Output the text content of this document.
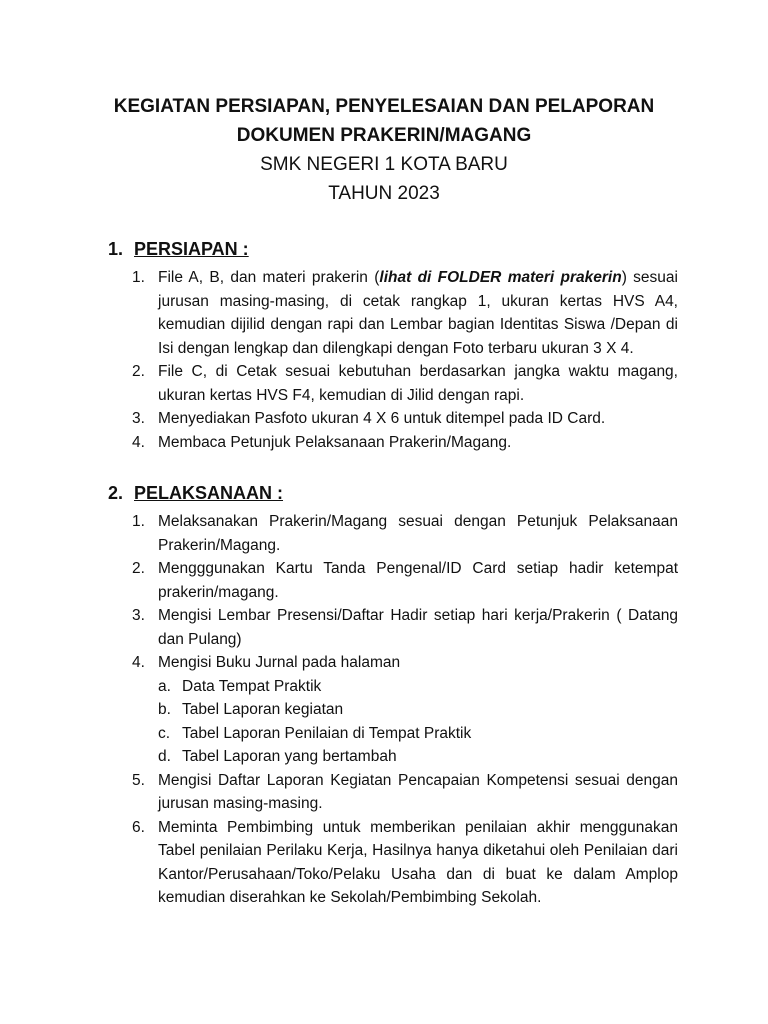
KEGIATAN PERSIAPAN, PENYELESAIAN DAN PELAPORAN
DOKUMEN PRAKERIN/MAGANG
SMK NEGERI 1 KOTA BARU
TAHUN 2023
1. PERSIAPAN :
1. File A, B, dan materi prakerin (lihat di FOLDER materi prakerin) sesuai jurusan masing-masing, di cetak rangkap 1, ukuran kertas HVS A4, kemudian dijilid dengan rapi dan Lembar bagian Identitas Siswa /Depan di Isi dengan lengkap dan dilengkapi dengan Foto terbaru ukuran 3 X 4.
2. File C, di Cetak sesuai kebutuhan berdasarkan jangka waktu magang, ukuran kertas HVS F4, kemudian di Jilid dengan rapi.
3. Menyediakan Pasfoto ukuran 4 X 6 untuk ditempel pada ID Card.
4. Membaca Petunjuk Pelaksanaan Prakerin/Magang.
2. PELAKSANAAN :
1. Melaksanakan Prakerin/Magang sesuai dengan Petunjuk Pelaksanaan Prakerin/Magang.
2. Mengggunakan Kartu Tanda Pengenal/ID Card setiap hadir ketempat prakerin/magang.
3. Mengisi Lembar Presensi/Daftar Hadir setiap hari kerja/Prakerin ( Datang dan Pulang)
4. Mengisi Buku Jurnal pada halaman
a. Data Tempat Praktik
b. Tabel Laporan kegiatan
c. Tabel Laporan Penilaian di Tempat Praktik
d. Tabel Laporan yang bertambah
5. Mengisi Daftar Laporan Kegiatan Pencapaian Kompetensi sesuai dengan jurusan masing-masing.
6. Meminta Pembimbing untuk memberikan penilaian akhir menggunakan Tabel penilaian Perilaku Kerja, Hasilnya hanya diketahui oleh Penilaian dari Kantor/Perusahaan/Toko/Pelaku Usaha dan di buat ke dalam Amplop kemudian diserahkan ke Sekolah/Pembimbing Sekolah.
